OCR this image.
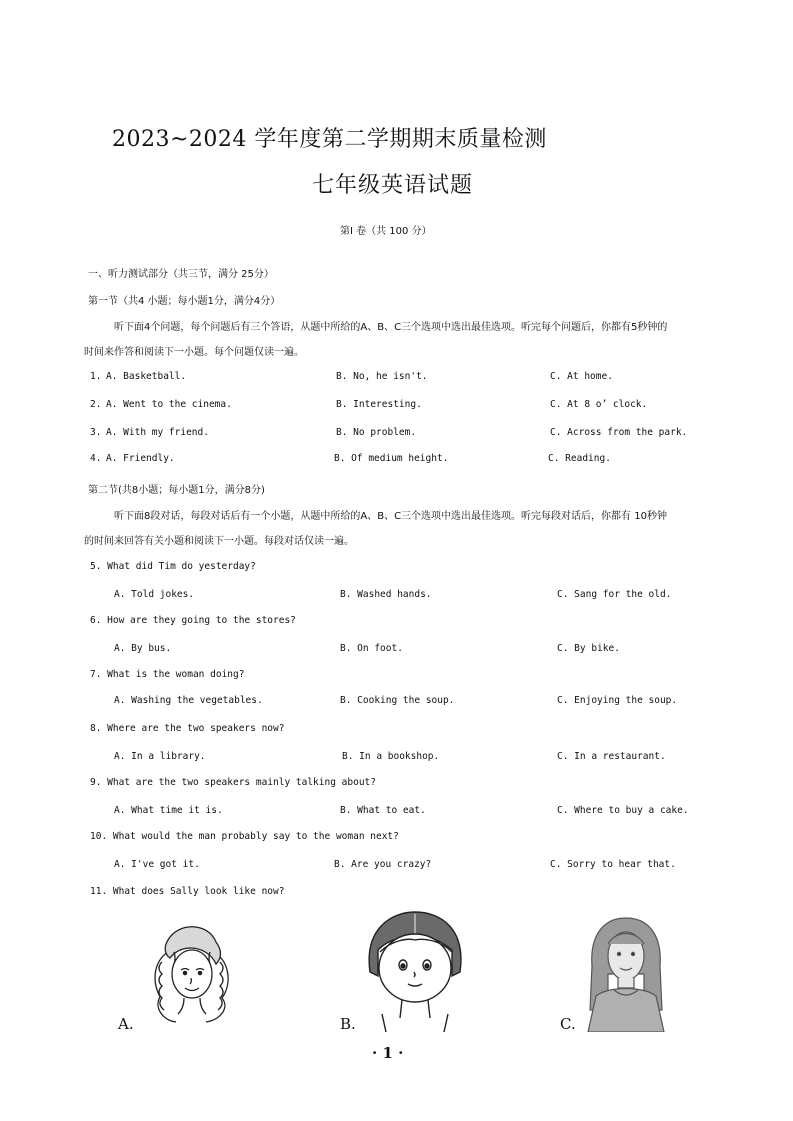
2023~2024 学年度第二学期期末质量检测
七年级英语试题
第Ⅰ 卷（共 100 分）
一、听力测试部分（共三节，满分 25分）
第一节（共4 小题；每小题1分，满分4分）
听下面4个问题，每个问题后有三个答语，从题中所给的A、B、C三个选项中选出最佳选项。听完每个问题后，你都有5秒钟的
时间来作答和阅读下一小题。每个问题仅读一遍。
1. A. Basketball.	B. No, he isn't.	C. At home.
2. A. Went to the cinema.	B. Interesting.	C. At 8 o’ clock.
3. A. With my friend.	B. No problem.	C. Across from the park.
4. A. Friendly.	B. Of medium height.	C. Reading.
第二节(共8小题；每小题1分，满分8分)
听下面8段对话，每段对话后有一个小题，从题中所给的A、B、C三个选项中选出最佳选项。听完每段对话后，你都有 10秒钟
的时间来回答有关小题和阅读下一小题。每段对话仅读一遍。
5. What did Tim do yesterday?
A. Told jokes.	B. Washed hands.	C. Sang for the old.
6. How are they going to the stores?
A. By bus.	B. On foot.	C. By bike.
7. What is the woman doing?
A. Washing the vegetables.	B. Cooking the soup.	C. Enjoying the soup.
8. Where are the two speakers now?
A. In a library.	B. In a bookshop.	C. In a restaurant.
9. What are the two speakers mainly talking about?
A. What time it is.	B. What to eat.	C. Where to buy a cake.
10. What would the man probably say to the woman next?
A. I've got it.	B. Are you crazy?	C. Sorry to hear that.
11. What does Sally look like now?
A.	B.	C.
· 1 ·
